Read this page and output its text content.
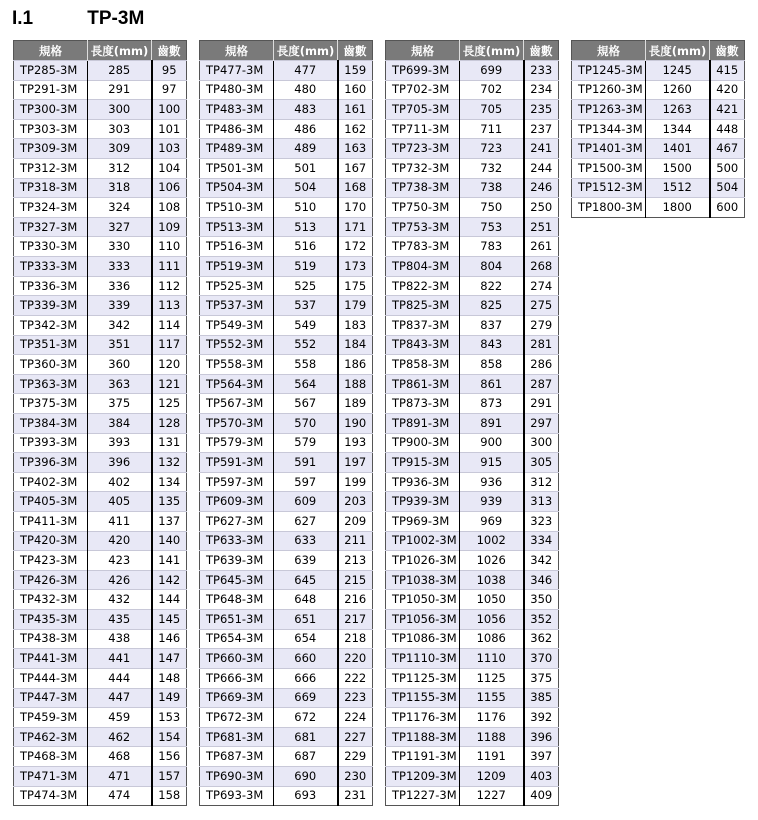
I.1	TP-3M
規格	長度(mm)	齒數
TP285-3M	285	95
TP291-3M	291	97
TP300-3M	300	100
TP303-3M	303	101
TP309-3M	309	103
TP312-3M	312	104
TP318-3M	318	106
TP324-3M	324	108
TP327-3M	327	109
TP330-3M	330	110
TP333-3M	333	111
TP336-3M	336	112
TP339-3M	339	113
TP342-3M	342	114
TP351-3M	351	117
TP360-3M	360	120
TP363-3M	363	121
TP375-3M	375	125
TP384-3M	384	128
TP393-3M	393	131
TP396-3M	396	132
TP402-3M	402	134
TP405-3M	405	135
TP411-3M	411	137
TP420-3M	420	140
TP423-3M	423	141
TP426-3M	426	142
TP432-3M	432	144
TP435-3M	435	145
TP438-3M	438	146
TP441-3M	441	147
TP444-3M	444	148
TP447-3M	447	149
TP459-3M	459	153
TP462-3M	462	154
TP468-3M	468	156
TP471-3M	471	157
TP474-3M	474	158
規格	長度(mm)	齒數
TP477-3M	477	159
TP480-3M	480	160
TP483-3M	483	161
TP486-3M	486	162
TP489-3M	489	163
TP501-3M	501	167
TP504-3M	504	168
TP510-3M	510	170
TP513-3M	513	171
TP516-3M	516	172
TP519-3M	519	173
TP525-3M	525	175
TP537-3M	537	179
TP549-3M	549	183
TP552-3M	552	184
TP558-3M	558	186
TP564-3M	564	188
TP567-3M	567	189
TP570-3M	570	190
TP579-3M	579	193
TP591-3M	591	197
TP597-3M	597	199
TP609-3M	609	203
TP627-3M	627	209
TP633-3M	633	211
TP639-3M	639	213
TP645-3M	645	215
TP648-3M	648	216
TP651-3M	651	217
TP654-3M	654	218
TP660-3M	660	220
TP666-3M	666	222
TP669-3M	669	223
TP672-3M	672	224
TP681-3M	681	227
TP687-3M	687	229
TP690-3M	690	230
TP693-3M	693	231
規格	長度(mm)	齒數
TP699-3M	699	233
TP702-3M	702	234
TP705-3M	705	235
TP711-3M	711	237
TP723-3M	723	241
TP732-3M	732	244
TP738-3M	738	246
TP750-3M	750	250
TP753-3M	753	251
TP783-3M	783	261
TP804-3M	804	268
TP822-3M	822	274
TP825-3M	825	275
TP837-3M	837	279
TP843-3M	843	281
TP858-3M	858	286
TP861-3M	861	287
TP873-3M	873	291
TP891-3M	891	297
TP900-3M	900	300
TP915-3M	915	305
TP936-3M	936	312
TP939-3M	939	313
TP969-3M	969	323
TP1002-3M	1002	334
TP1026-3M	1026	342
TP1038-3M	1038	346
TP1050-3M	1050	350
TP1056-3M	1056	352
TP1086-3M	1086	362
TP1110-3M	1110	370
TP1125-3M	1125	375
TP1155-3M	1155	385
TP1176-3M	1176	392
TP1188-3M	1188	396
TP1191-3M	1191	397
TP1209-3M	1209	403
TP1227-3M	1227	409
規格	長度(mm)	齒數
TP1245-3M	1245	415
TP1260-3M	1260	420
TP1263-3M	1263	421
TP1344-3M	1344	448
TP1401-3M	1401	467
TP1500-3M	1500	500
TP1512-3M	1512	504
TP1800-3M	1800	600
